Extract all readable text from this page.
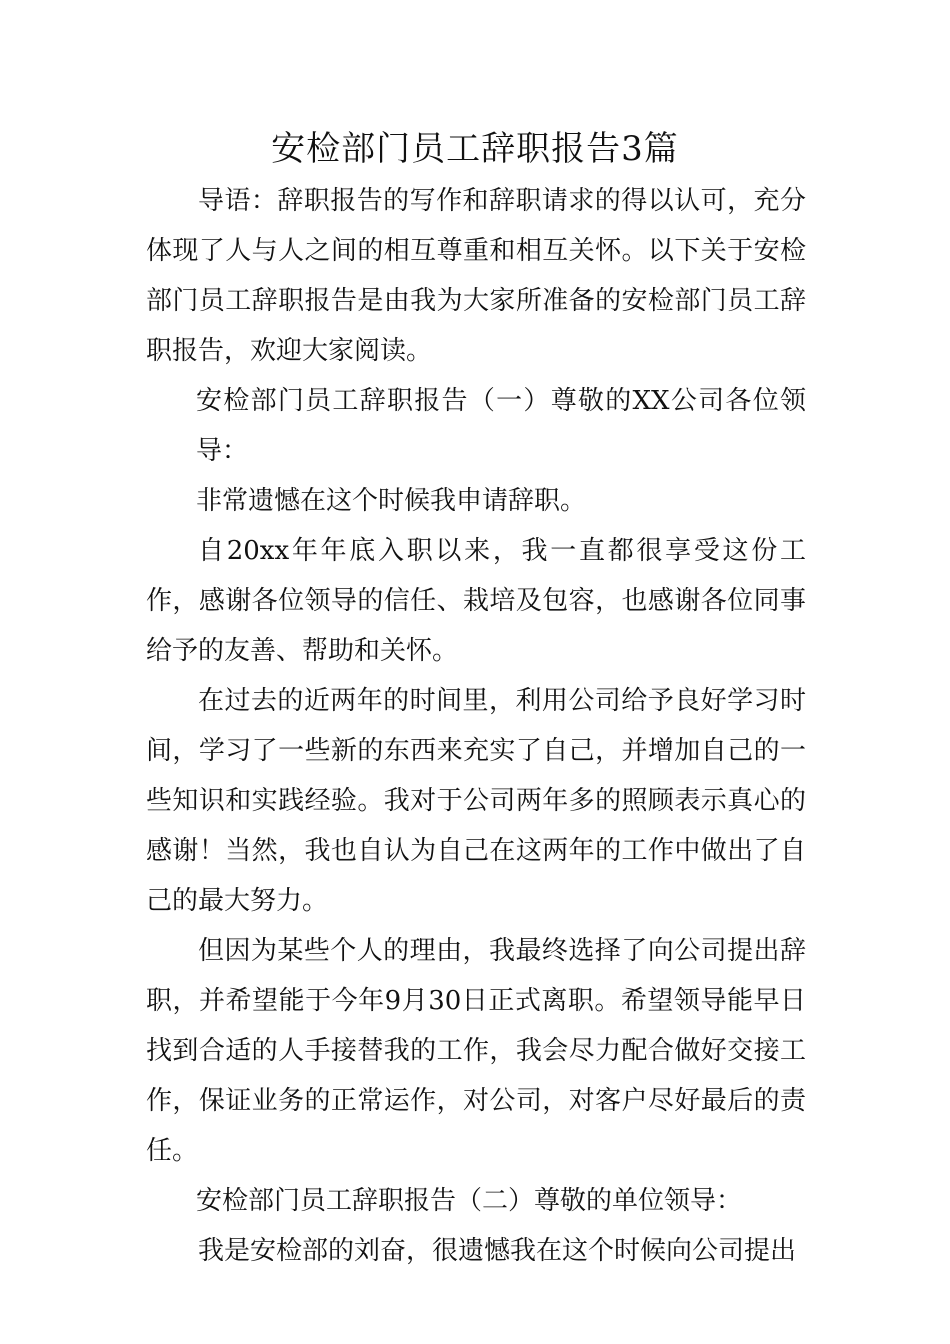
安检部门员工辞职报告3篇

导语：辞职报告的写作和辞职请求的得以认可，充分体现了人与人之间的相互尊重和相互关怀。以下关于安检部门员工辞职报告是由我为大家所准备的安检部门员工辞职报告，欢迎大家阅读。

安检部门员工辞职报告（一）尊敬的XX公司各位领导：

非常遗憾在这个时候我申请辞职。

自20xx年年底入职以来，我一直都很享受这份工作，感谢各位领导的信任、栽培及包容，也感谢各位同事给予的友善、帮助和关怀。

在过去的近两年的时间里，利用公司给予良好学习时间，学习了一些新的东西来充实了自己，并增加自己的一些知识和实践经验。我对于公司两年多的照顾表示真心的感谢！当然，我也自认为自己在这两年的工作中做出了自己的最大努力。

但因为某些个人的理由，我最终选择了向公司提出辞职，并希望能于今年9月30日正式离职。希望领导能早日找到合适的人手接替我的工作，我会尽力配合做好交接工作，保证业务的正常运作，对公司，对客户尽好最后的责任。

安检部门员工辞职报告（二）尊敬的单位领导：

我是安检部的刘奋，很遗憾我在这个时候向公司提出
